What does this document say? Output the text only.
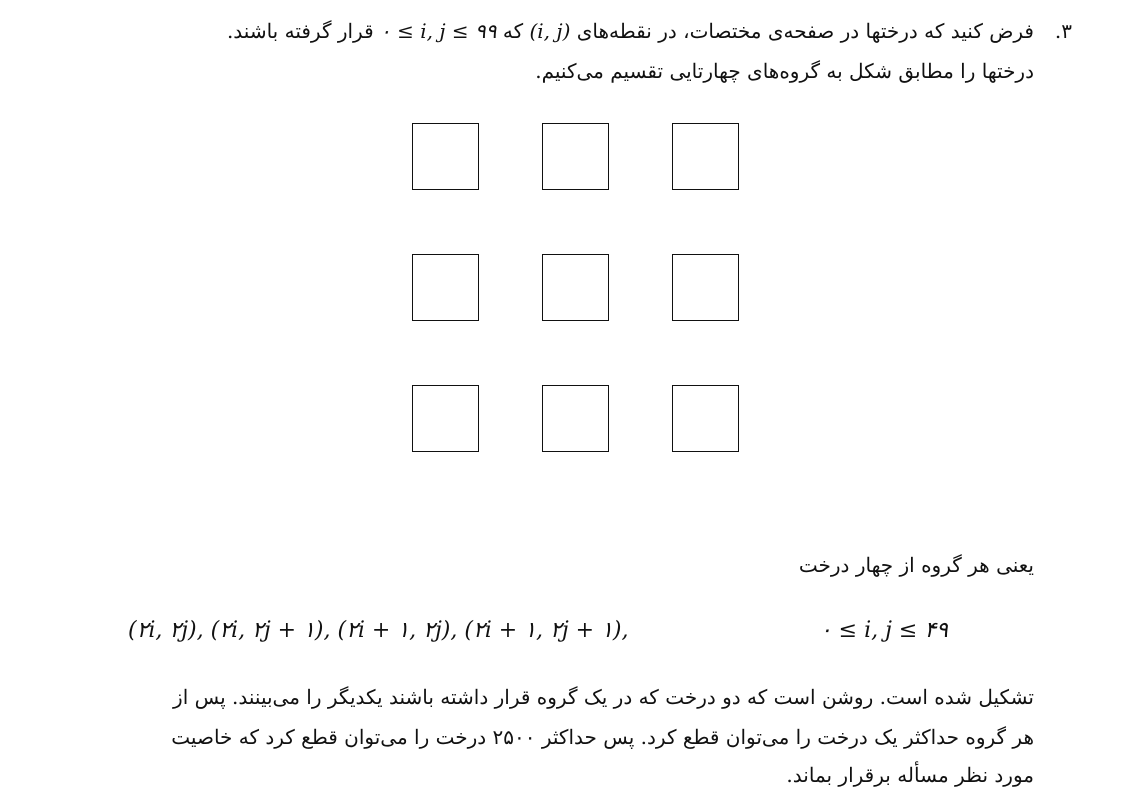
۳.
فرض کنید که درختها در صفحه‌ی مختصات، در نقطه‌های (i, j) که ۰ ≤ i, j ≤ ۹۹ قرار گرفته باشند.
درختها را مطابق شکل به گروه‌های چهارتایی تقسیم می‌کنیم.
یعنی هر گروه از چهار درخت
(۲i, ۲j), (۲i, ۲j + ۱), (۲i + ۱, ۲j), (۲i + ۱, ۲j + ۱),	۰ ≤ i, j ≤ ۴۹
تشکیل شده است. روشن است که دو درخت که در یک گروه قرار داشته باشند یکدیگر را می‌بینند. پس از
هر گروه حداکثر یک درخت را می‌توان قطع کرد. پس حداکثر ۲۵۰۰ درخت را می‌توان قطع کرد که خاصیت
مورد نظر مسأله برقرار بماند.
